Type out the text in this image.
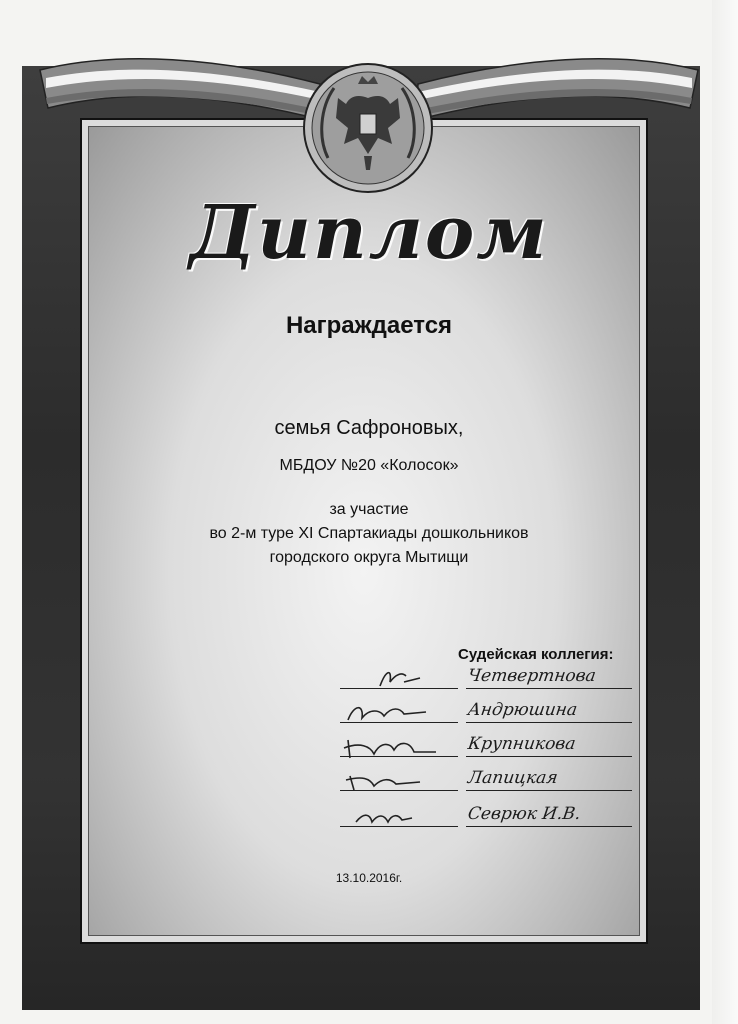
Диплом
Награждается
семья Сафроновых,
МБДОУ №20 «Колосок»
за участие
во 2-м туре XI Спартакиады дошкольников
городского округа Мытищи
Судейская коллегия:
Четвертнова
Андрюшина
Крупникова
Лапицкая
Севрюк И.В.
13.10.2016г.
